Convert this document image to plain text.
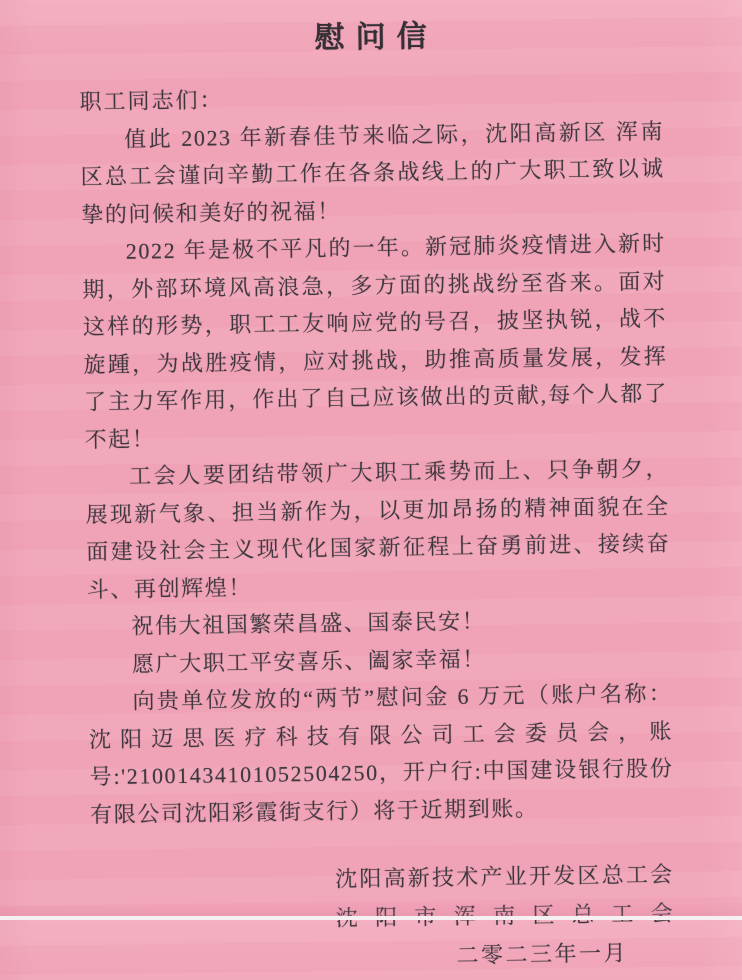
慰问信

职工同志们：

值此 2023 年新春佳节来临之际，沈阳高新区 浑南区总工会谨向辛勤工作在各条战线上的广大职工致以诚挚的问候和美好的祝福！

2022 年是极不平凡的一年。新冠肺炎疫情进入新时期，外部环境风高浪急，多方面的挑战纷至沓来。面对这样的形势，职工工友响应党的号召，披坚执锐，战不旋踵，为战胜疫情，应对挑战，助推高质量发展，发挥了主力军作用，作出了自己应该做出的贡献,每个人都了不起！

工会人要团结带领广大职工乘势而上、只争朝夕，展现新气象、担当新作为，以更加昂扬的精神面貌在全面建设社会主义现代化国家新征程上奋勇前进、接续奋斗、再创辉煌！

祝伟大祖国繁荣昌盛、国泰民安！

愿广大职工平安喜乐、阖家幸福！

向贵单位发放的“两节”慰问金 6 万元（账户名称：沈阳迈思医疗科技有限公司工会委员会，账号:'21001434101052504250，开户行:中国建设银行股份有限公司沈阳彩霞街支行）将于近期到账。

沈阳高新技术产业开发区总工会

二零二三年一月
